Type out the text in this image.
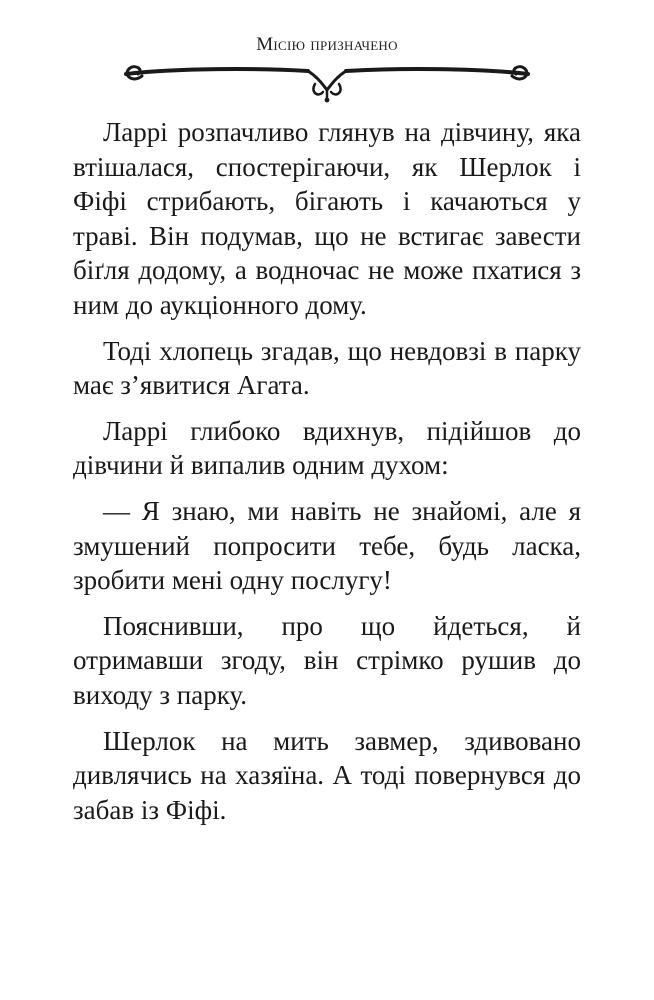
Місію призначено

Ларрі розпачливо глянув на дівчину, яка втішалася, спостерігаючи, як Шерлок і Фіфі стрибають, бігають і качаються у траві. Він подумав, що не встигає завести біґля додому, а водночас не може пхатися з ним до аукціонного дому.

Тоді хлопець згадав, що невдовзі в парку має з’явитися Агата.

Ларрі глибоко вдихнув, підійшов до дівчини й випалив одним духом:

— Я знаю, ми навіть не знайомі, але я змушений попросити тебе, будь ласка, зробити мені одну послугу!

Пояснивши, про що йдеться, й отримавши згоду, він стрімко рушив до виходу з парку.

Шерлок на мить завмер, здивовано дивлячись на хазяїна. А тоді повернувся до забав із Фіфі.
